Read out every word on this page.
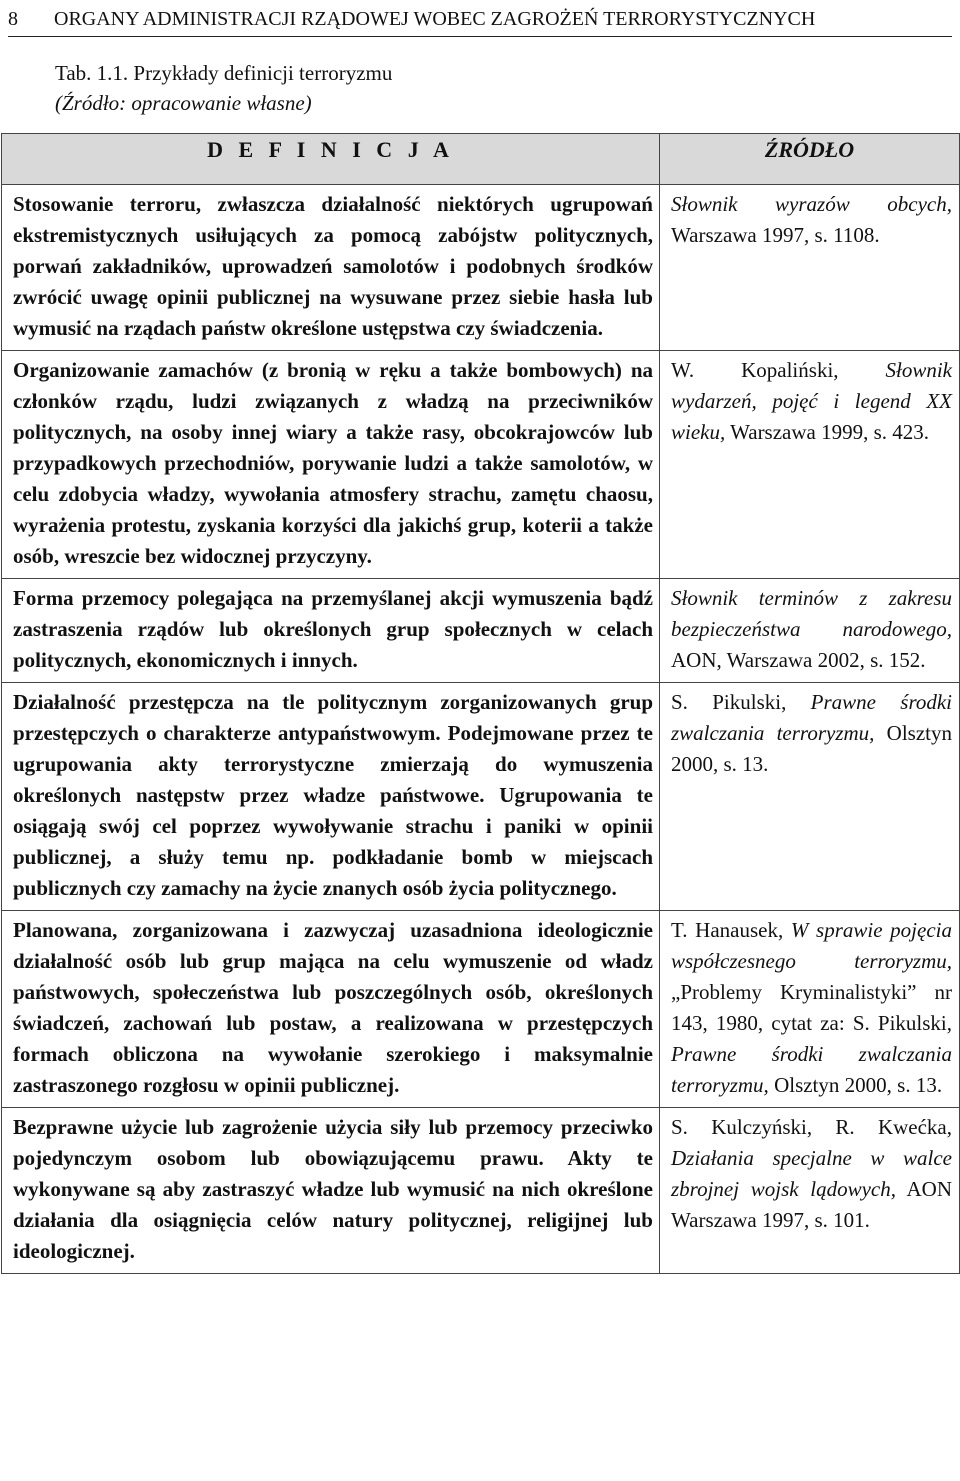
8	ORGANY ADMINISTRACJI RZĄDOWEJ WOBEC ZAGROŻEŃ TERRORYSTYCZNYCH
Tab. 1.1. Przykłady definicji terroryzmu
(Źródło: opracowanie własne)
D E F I N I C J A	ŹRÓDŁO
Stosowanie terroru, zwłaszcza działalność niektórych ugrupowań ekstremistycznych usiłujących za pomocą zabójstw politycznych, porwań zakładników, uprowadzeń samolotów i podobnych środków zwrócić uwagę opinii publicznej na wysuwane przez siebie hasła lub wymusić na rządach państw określone ustępstwa czy świadczenia.	Słownik wyrazów obcych, Warszawa 1997, s. 1108.
Organizowanie zamachów (z bronią w ręku a także bombowych) na członków rządu, ludzi związanych z władzą na przeciwników politycznych, na osoby innej wiary a także rasy, obcokrajowców lub przypadkowych przechodniów, porywanie ludzi a także samolotów, w celu zdobycia władzy, wywołania atmosfery strachu, zamętu chaosu, wyrażenia protestu, zyskania korzyści dla jakichś grup, koterii a także osób, wreszcie bez widocznej przyczyny.	W. Kopaliński, Słownik wydarzeń, pojęć i legend XX wieku, Warszawa 1999, s. 423.
Forma przemocy polegająca na przemyślanej akcji wymuszenia bądź zastraszenia rządów lub określonych grup społecznych w celach politycznych, ekonomicznych i innych.	Słownik terminów z zakresu bezpieczeństwa narodowego, AON, Warszawa 2002, s. 152.
Działalność przestępcza na tle politycznym zorganizowanych grup przestępczych o charakterze antypaństwowym. Podejmowane przez te ugrupowania akty terrorystyczne zmierzają do wymuszenia określonych następstw przez władze państwowe. Ugrupowania te osiągają swój cel poprzez wywoływanie strachu i paniki w opinii publicznej, a służy temu np. podkładanie bomb w miejscach publicznych czy zamachy na życie znanych osób życia politycznego.	S. Pikulski, Prawne środki zwalczania terroryzmu, Olsztyn 2000, s. 13.
Planowana, zorganizowana i zazwyczaj uzasadniona ideologicznie działalność osób lub grup mająca na celu wymuszenie od władz państwowych, społeczeństwa lub poszczególnych osób, określonych świadczeń, zachowań lub postaw, a realizowana w przestępczych formach obliczona na wywołanie szerokiego i maksymalnie zastraszonego rozgłosu w opinii publicznej.	T. Hanausek, W sprawie pojęcia współczesnego terroryzmu, „Problemy Kryminalistyki” nr 143, 1980, cytat za: S. Pikulski, Prawne środki zwalczania terroryzmu, Olsztyn 2000, s. 13.
Bezprawne użycie lub zagrożenie użycia siły lub przemocy przeciwko pojedynczym osobom lub obowiązującemu prawu. Akty te wykonywane są aby zastraszyć władze lub wymusić na nich określone działania dla osiągnięcia celów natury politycznej, religijnej lub ideologicznej.	S. Kulczyński, R. Kwećka, Działania specjalne w walce zbrojnej wojsk lądowych, AON Warszawa 1997, s. 101.
